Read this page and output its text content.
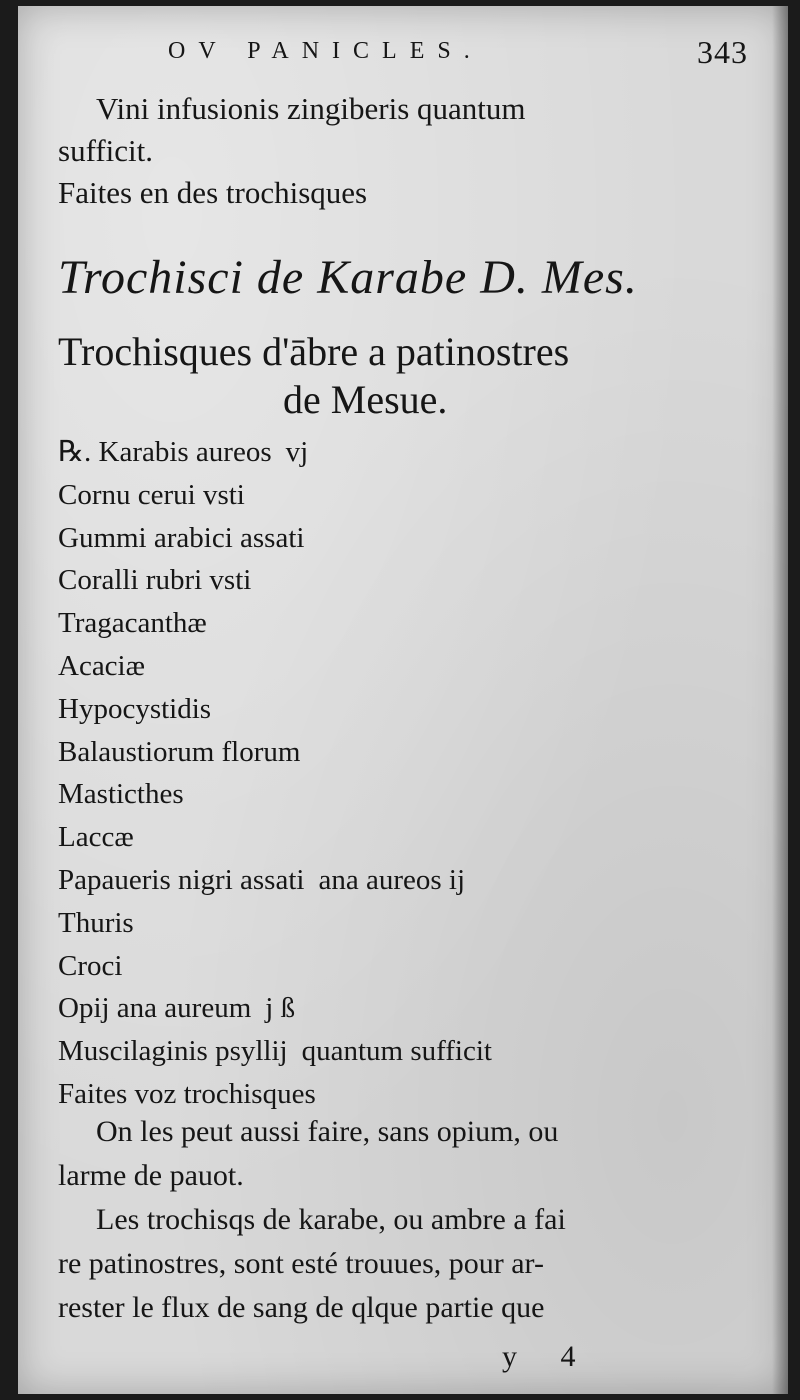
OV PANICLES.	343
Vini infusionis zingiberis quantum
sufficit.
Faites en des trochisques
Trochisci de Karabe D. Mes.
Trochisques d'ābre a patinostres
de Mesue.
℞. Karabis aureos vj
Cornu cerui vsti
Gummi arabici assati
Coralli rubri vsti
Tragacanthæ
Acaciæ
Hypocystidis
Balaustiorum florum
Masticthes
Laccæ
Papaueris nigri assati ana aureos ij
Thuris
Croci
Opij ana aureum j ß
Muscilaginis psyllij quantum sufficit
Faites voz trochisques
On les peut aussi faire, sans opium, ou
larme de pauot.
Les trochisqs de karabe, ou ambre a fai
re patinostres, sont esté trouues, pour ar-
rester le flux de sang de qlque partie que
y 4
